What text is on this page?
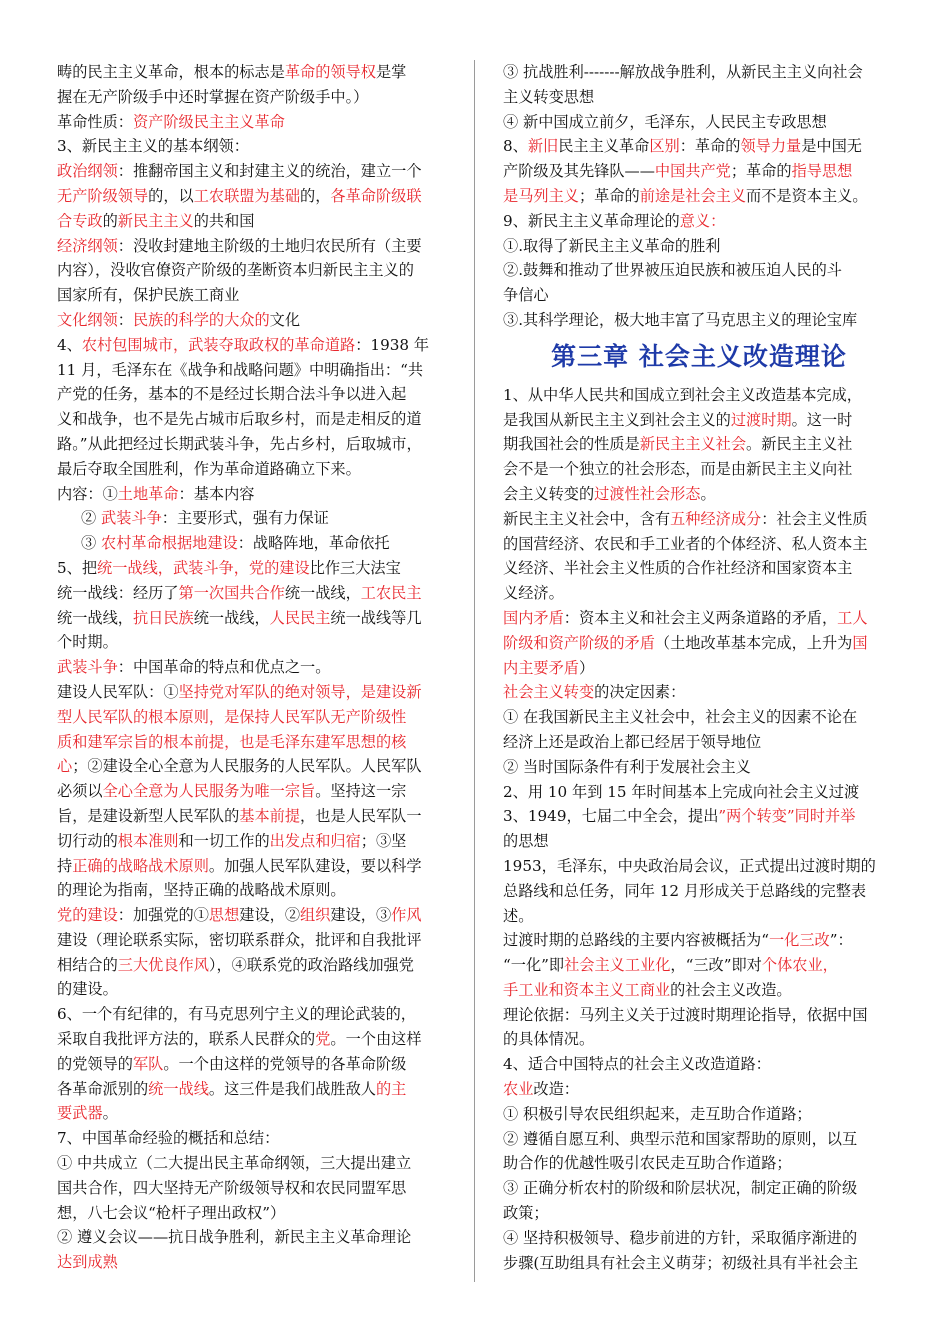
畴的民主主义革命，根本的标志是革命的领导权是掌
握在无产阶级手中还时掌握在资产阶级手中。）
革命性质：资产阶级民主主义革命
3、新民主主义的基本纲领：
政治纲领：推翻帝国主义和封建主义的统治，建立一个
无产阶级领导的，以工农联盟为基础的，各革命阶级联
合专政的新民主主义的共和国
经济纲领：没收封建地主阶级的土地归农民所有（主要
内容），没收官僚资产阶级的垄断资本归新民主主义的
国家所有，保护民族工商业
文化纲领：民族的科学的大众的文化
4、农村包围城市，武装夺取政权的革命道路：1938 年
11 月，毛泽东在《战争和战略问题》中明确指出：“共
产党的任务，基本的不是经过长期合法斗争以进入起
义和战争，也不是先占城市后取乡村，而是走相反的道
路。”从此把经过长期武装斗争，先占乡村，后取城市，
最后夺取全国胜利，作为革命道路确立下来。
内容：①土地革命：基本内容
② 武装斗争：主要形式，强有力保证
③ 农村革命根据地建设：战略阵地，革命依托
5、把统一战线，武装斗争，党的建设比作三大法宝
统一战线：经历了第一次国共合作统一战线，工农民主
统一战线，抗日民族统一战线，人民民主统一战线等几
个时期。
武装斗争：中国革命的特点和优点之一。
建设人民军队：①坚持党对军队的绝对领导，是建设新
型人民军队的根本原则，是保持人民军队无产阶级性
质和建军宗旨的根本前提，也是毛泽东建军思想的核
心；②建设全心全意为人民服务的人民军队。人民军队
必须以全心全意为人民服务为唯一宗旨。坚持这一宗
旨，是建设新型人民军队的基本前提，也是人民军队一
切行动的根本准则和一切工作的出发点和归宿；③坚
持正确的战略战术原则。加强人民军队建设，要以科学
的理论为指南，坚持正确的战略战术原则。
党的建设：加强党的①思想建设，②组织建设，③作风
建设（理论联系实际，密切联系群众，批评和自我批评
相结合的三大优良作风），④联系党的政治路线加强党
的建设。
6、一个有纪律的，有马克思列宁主义的理论武装的，
采取自我批评方法的，联系人民群众的党。一个由这样
的党领导的军队。一个由这样的党领导的各革命阶级
各革命派别的统一战线。这三件是我们战胜敌人的主
要武器。
7、中国革命经验的概括和总结：
① 中共成立（二大提出民主革命纲领，三大提出建立
国共合作，四大坚持无产阶级领导权和农民同盟军思
想，八七会议“枪杆子理出政权”）
② 遵义会议——抗日战争胜利，新民主主义革命理论
达到成熟
③ 抗战胜利-------解放战争胜利，从新民主主义向社会
主义转变思想
④ 新中国成立前夕，毛泽东，人民民主专政思想
8、新旧民主主义革命区别：革命的领导力量是中国无
产阶级及其先锋队——中国共产党；革命的指导思想
是马列主义；革命的前途是社会主义而不是资本主义。
9、新民主主义革命理论的意义：
①.取得了新民主主义革命的胜利
②.鼓舞和推动了世界被压迫民族和被压迫人民的斗
争信心
③.其科学理论，极大地丰富了马克思主义的理论宝库
第三章 社会主义改造理论
1、从中华人民共和国成立到社会主义改造基本完成，
是我国从新民主主义到社会主义的过渡时期。这一时
期我国社会的性质是新民主主义社会。新民主主义社
会不是一个独立的社会形态，而是由新民主主义向社
会主义转变的过渡性社会形态。
新民主主义社会中，含有五种经济成分：社会主义性质
的国营经济、农民和手工业者的个体经济、私人资本主
义经济、半社会主义性质的合作社经济和国家资本主
义经济。
国内矛盾：资本主义和社会主义两条道路的矛盾，工人
阶级和资产阶级的矛盾（土地改革基本完成，上升为国
内主要矛盾）
社会主义转变的决定因素：
① 在我国新民主主义社会中，社会主义的因素不论在
经济上还是政治上都已经居于领导地位
② 当时国际条件有利于发展社会主义
2、用 10 年到 15 年时间基本上完成向社会主义过渡
3、1949，七届二中全会，提出”两个转变”同时并举
的思想
1953，毛泽东，中央政治局会议，正式提出过渡时期的
总路线和总任务，同年 12 月形成关于总路线的完整表
述。
过渡时期的总路线的主要内容被概括为“一化三改”：
“一化”即社会主义工业化，“三改”即对个体农业，
手工业和资本主义工商业的社会主义改造。
理论依据：马列主义关于过渡时期理论指导，依据中国
的具体情况。
4、适合中国特点的社会主义改造道路：
农业改造：
① 积极引导农民组织起来，走互助合作道路；
② 遵循自愿互利、典型示范和国家帮助的原则，以互
助合作的优越性吸引农民走互助合作道路；
③ 正确分析农村的阶级和阶层状况，制定正确的阶级
政策；
④ 坚持积极领导、稳步前进的方针，采取循序渐进的
步骤(互助组具有社会主义萌芽；初级社具有半社会主
